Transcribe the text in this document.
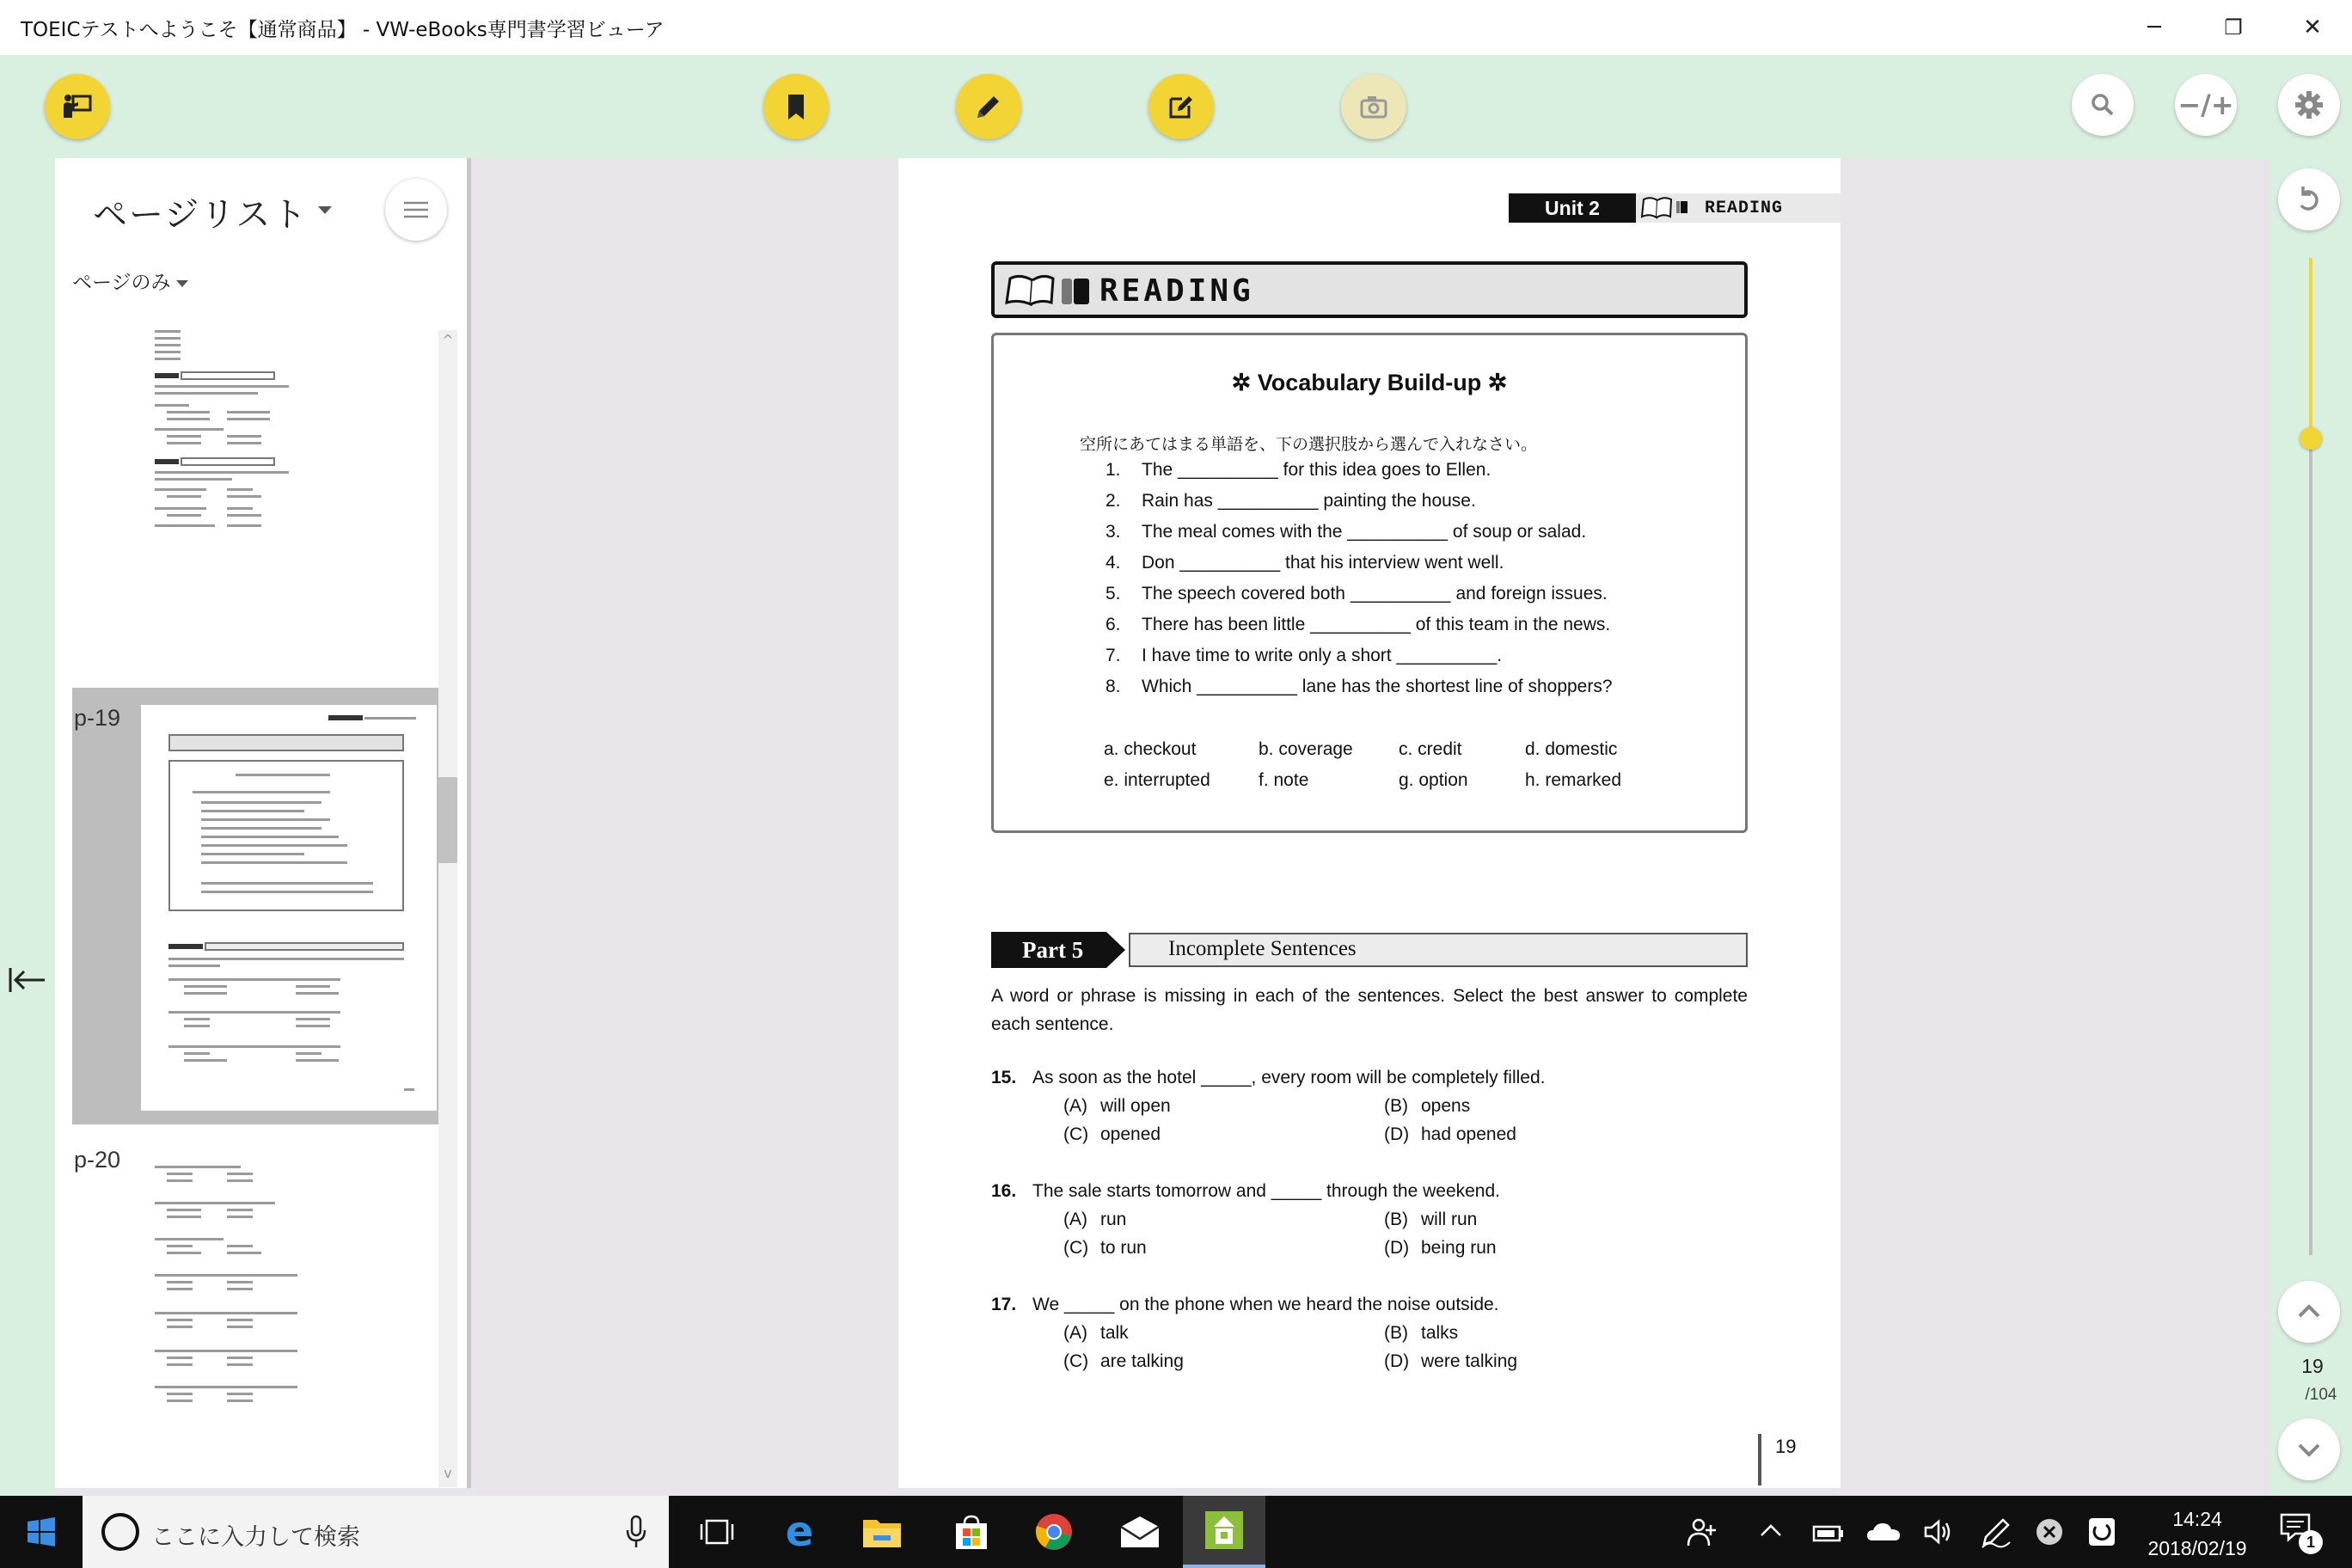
TOEICテストへようこそ【通常商品】 - VW-eBooks専門書学習ビューア	─	❐	✕
−/+
ページリスト
ページのみ
p-19
p-20
^
v
Unit 2	READING
READING
✲ Vocabulary Build-up ✲
空所にあてはまる単語を、下の選択肢から選んで入れなさい。
1. The __________ for this idea goes to Ellen.
2. Rain has __________ painting the house.
3. The meal comes with the __________ of soup or salad.
4. Don __________ that his interview went well.
5. The speech covered both __________ and foreign issues.
6. There has been little __________ of this team in the news.
7. I have time to write only a short __________.
8. Which __________ lane has the shortest line of shoppers?
a. checkout	b. coverage	c. credit	d. domestic
e. interrupted	f. note	g. option	h. remarked
Part 5	Incomplete Sentences
A word or phrase is missing in each of the sentences. Select the best answer to complete each sentence.
15. As soon as the hotel _____, every room will be completely filled.
(A) will open	(B) opens
(C) opened	(D) had opened
16. The sale starts tomorrow and _____ through the weekend.
(A) run	(B) will run
(C) to run	(D) being run
17. We _____ on the phone when we heard the noise outside.
(A) talk	(B) talks
(C) are talking	(D) were talking
19
19
/104
ここに入力して検索	e	14:24
2018/02/19	1
